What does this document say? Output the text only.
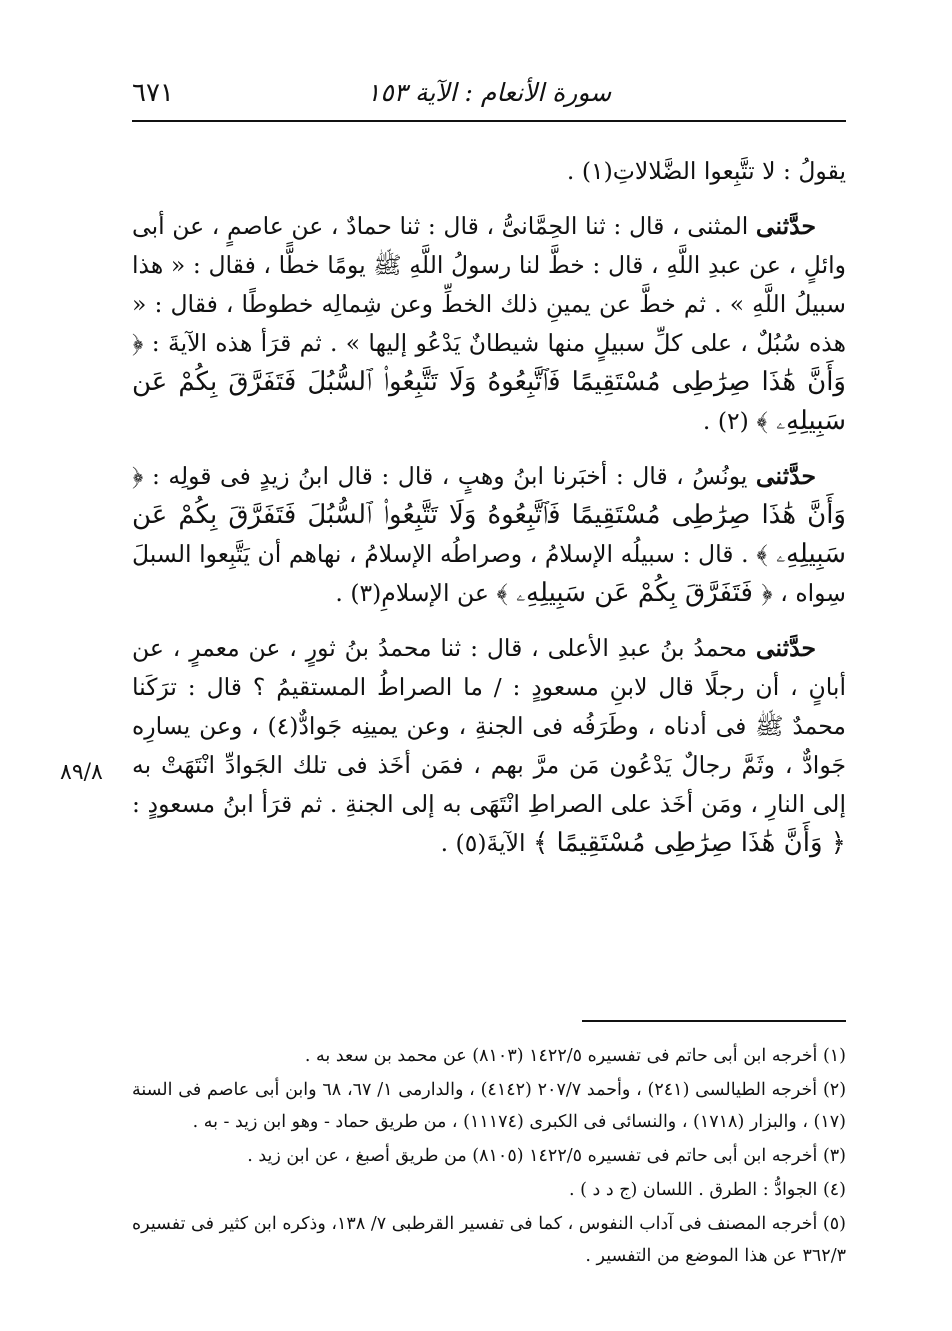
سورة الأنعام : الآية ١٥٣
٦٧١

يقولُ : لا تتَّبِعوا الضَّلالاتِ(١) .

حدَّثنى المثنى ، قال : ثنا الحِمَّانىُّ ، قال : ثنا حمادٌ ، عن عاصمٍ ، عن أبى وائلٍ ، عن عبدِ اللَّهِ ، قال : خطَّ لنا رسولُ اللَّهِ ﷺ يومًا خطًّا ، فقال : « هذا سبيلُ اللَّهِ » . ثم خطَّ عن يمينِ ذلك الخطِّ وعن شِمالِه خطوطًا ، فقال : « هذه سُبُلٌ ، على كلِّ سبيلٍ منها شيطانٌ يَدْعُو إليها » . ثم قرَأ هذه الآيةَ : ﴿ وَأَنَّ هَٰذَا صِرَٰطِى مُسْتَقِيمًا فَٱتَّبِعُوهُ وَلَا تَتَّبِعُوا۟ ٱلسُّبُلَ فَتَفَرَّقَ بِكُمْ عَن سَبِيلِهِۦ ﴾ (٢) .

حدَّثنى يونُسُ ، قال : أخبَرنا ابنُ وهبٍ ، قال : قال ابنُ زيدٍ فى قولِه : ﴿ وَأَنَّ هَٰذَا صِرَٰطِى مُسْتَقِيمًا فَٱتَّبِعُوهُ وَلَا تَتَّبِعُوا۟ ٱلسُّبُلَ فَتَفَرَّقَ بِكُمْ عَن سَبِيلِهِۦ ﴾ . قال : سبيلُه الإسلامُ ، وصراطُه الإسلامُ ، نهاهم أن يَتَّبِعوا السبلَ سِواه ، ﴿ فَتَفَرَّقَ بِكُمْ عَن سَبِيلِهِۦ ﴾ عن الإسلامِ(٣) .

حدَّثنى محمدُ بنُ عبدِ الأعلى ، قال : ثنا محمدُ بنُ ثورٍ ، عن معمرٍ ، عن أبانٍ ، أن رجلًا قال لابنِ مسعودٍ : / ما الصراطُ المستقيمُ ؟ قال : ترَكَنا محمدٌ ﷺ فى أدناه ، وطَرَفُه فى الجنةِ ، وعن يمينِه جَوادٌّ(٤) ، وعن يسارِه جَوادٌّ ، وثَمَّ رجالٌ يَدْعُون مَن مرَّ بهم ، فمَن أخَذ فى تلك الجَوادِّ انْتَهَتْ به إلى النارِ ، ومَن أخَذ على الصراطِ انْتَهَى به إلى الجنةِ . ثم قرَأ ابنُ مسعودٍ : ﴿ وَأَنَّ هَٰذَا صِرَٰطِى مُسْتَقِيمًا ﴾ الآيةَ(٥) .

٨٩/٨

(١) أخرجه ابن أبى حاتم فى تفسيره ١٤٢٢/٥ (٨١٠٣) عن محمد بن سعد به .

(٢) أخرجه الطيالسى (٢٤١) ، وأحمد ٢٠٧/٧ (٤١٤٢) ، والدارمى ١/ ٦٧، ٦٨ وابن أبى عاصم فى السنة (١٧) ، والبزار (١٧١٨) ، والنسائى فى الكبرى (١١١٧٤) ، من طريق حماد - وهو ابن زيد - به .

(٣) أخرجه ابن أبى حاتم فى تفسيره ١٤٢٢/٥ (٨١٠٥) من طريق أصبغ ، عن ابن زيد .

(٤) الجوادُّ : الطرق . اللسان (ج د د ) .

(٥) أخرجه المصنف فى آداب النفوس ، كما فى تفسير القرطبى ٧/ ١٣٨، وذكره ابن كثير فى تفسيره ٣٦٢/٣ عن هذا الموضع من التفسير .
